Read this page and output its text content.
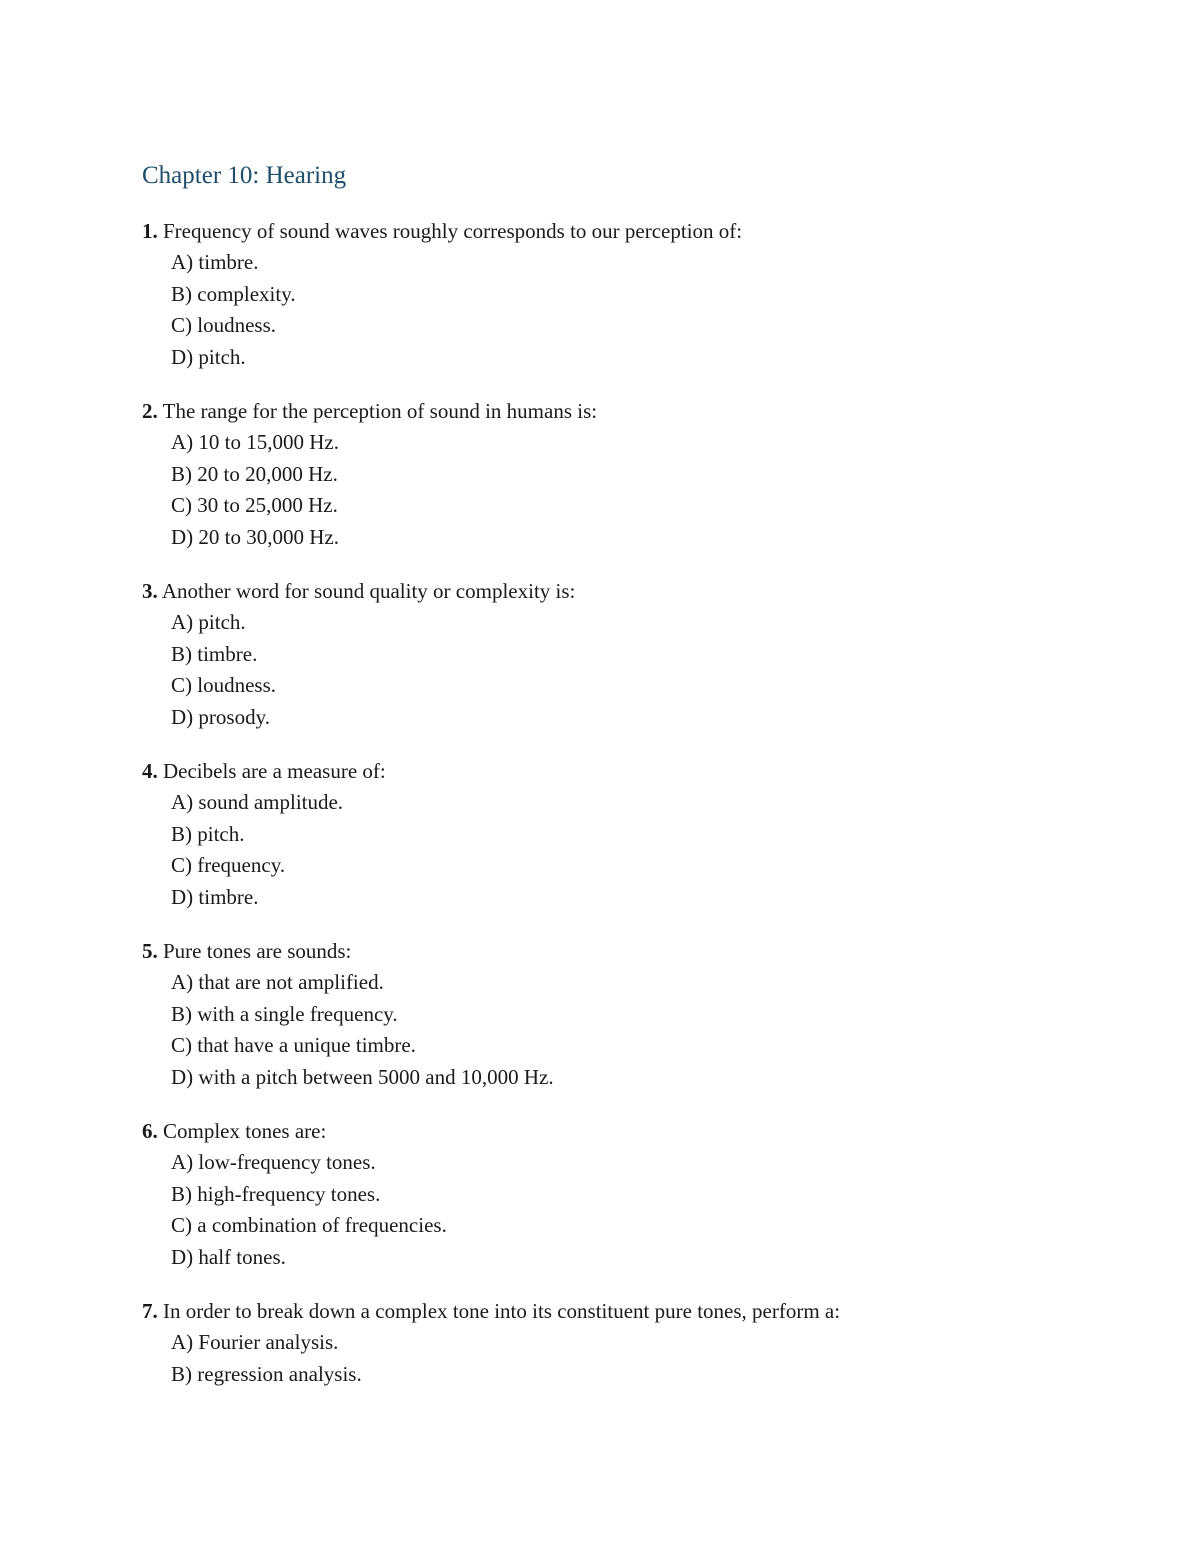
Chapter 10: Hearing

1. Frequency of sound waves roughly corresponds to our perception of:

A) timbre.
B) complexity.
C) loudness.
D) pitch.

2. The range for the perception of sound in humans is:

A) 10 to 15,000 Hz.
B) 20 to 20,000 Hz.
C) 30 to 25,000 Hz.
D) 20 to 30,000 Hz.

3. Another word for sound quality or complexity is:

A) pitch.
B) timbre.
C) loudness.
D) prosody.

4. Decibels are a measure of:

A) sound amplitude.
B) pitch.
C) frequency.
D) timbre.

5. Pure tones are sounds:

A) that are not amplified.
B) with a single frequency.
C) that have a unique timbre.
D) with a pitch between 5000 and 10,000 Hz.

6. Complex tones are:

A) low-frequency tones.
B) high-frequency tones.
C) a combination of frequencies.
D) half tones.

7. In order to break down a complex tone into its constituent pure tones, perform a:

A) Fourier analysis.
B) regression analysis.
